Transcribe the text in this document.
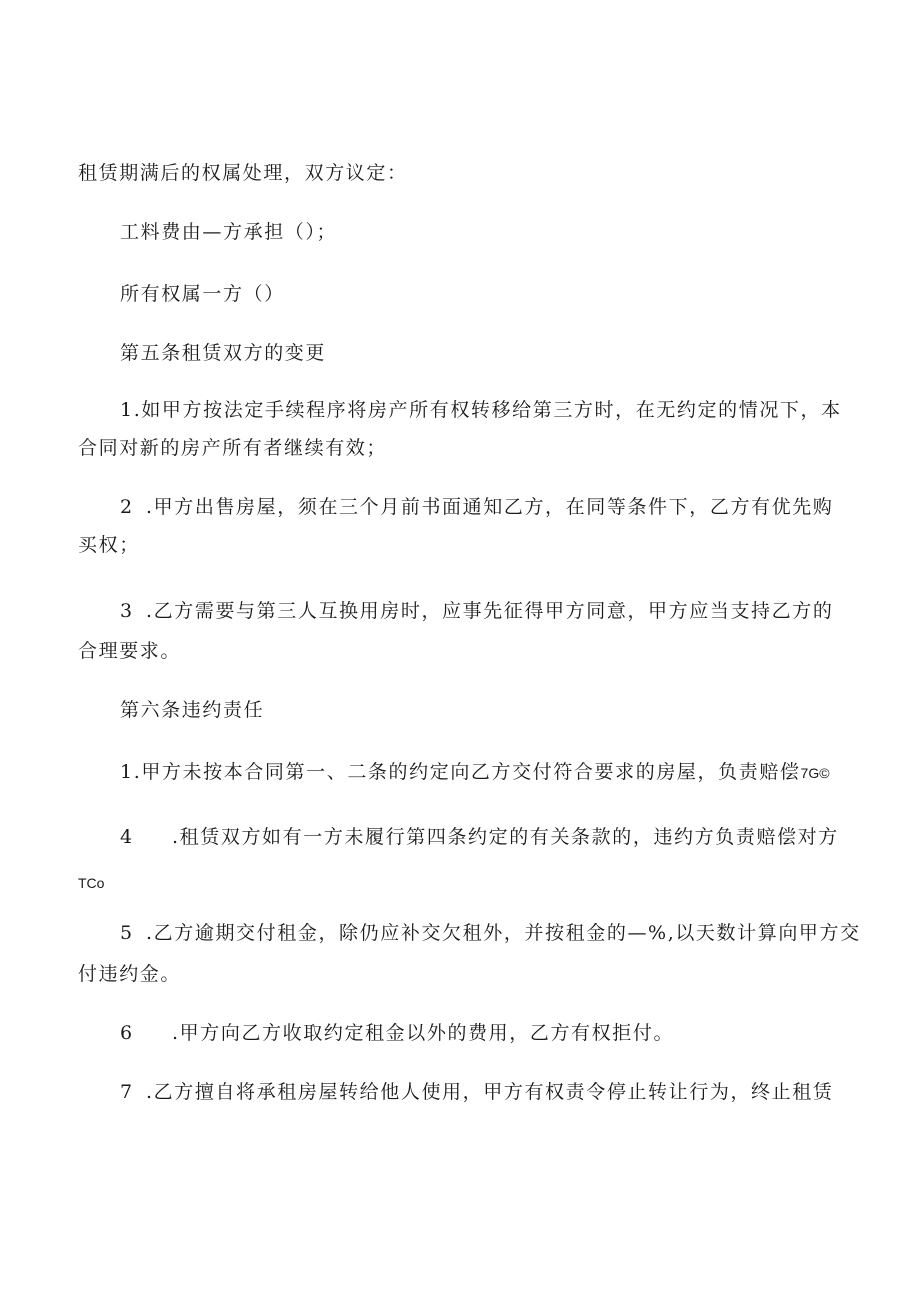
租赁期满后的权属处理，双方议定：
工料费由—方承担（）；
所有权属一方（）
第五条租赁双方的变更
1.如甲方按法定手续程序将房产所有权转移给第三方时，在无约定的情况下，本
合同对新的房产所有者继续有效；
2 .甲方出售房屋，须在三个月前书面通知乙方，在同等条件下，乙方有优先购
买权；
3 .乙方需要与第三人互换用房时，应事先征得甲方同意，甲方应当支持乙方的
合理要求。
第六条违约责任
1.甲方未按本合同第一、二条的约定向乙方交付符合要求的房屋，负责赔偿7G©
4 .租赁双方如有一方未履行第四条约定的有关条款的，违约方负责赔偿对方
TCo
5 .乙方逾期交付租金，除仍应补交欠租外，并按租金的—%,以天数计算向甲方交
付违约金。
6 .甲方向乙方收取约定租金以外的费用，乙方有权拒付。
7 .乙方擅自将承租房屋转给他人使用，甲方有权责令停止转让行为，终止租赁
